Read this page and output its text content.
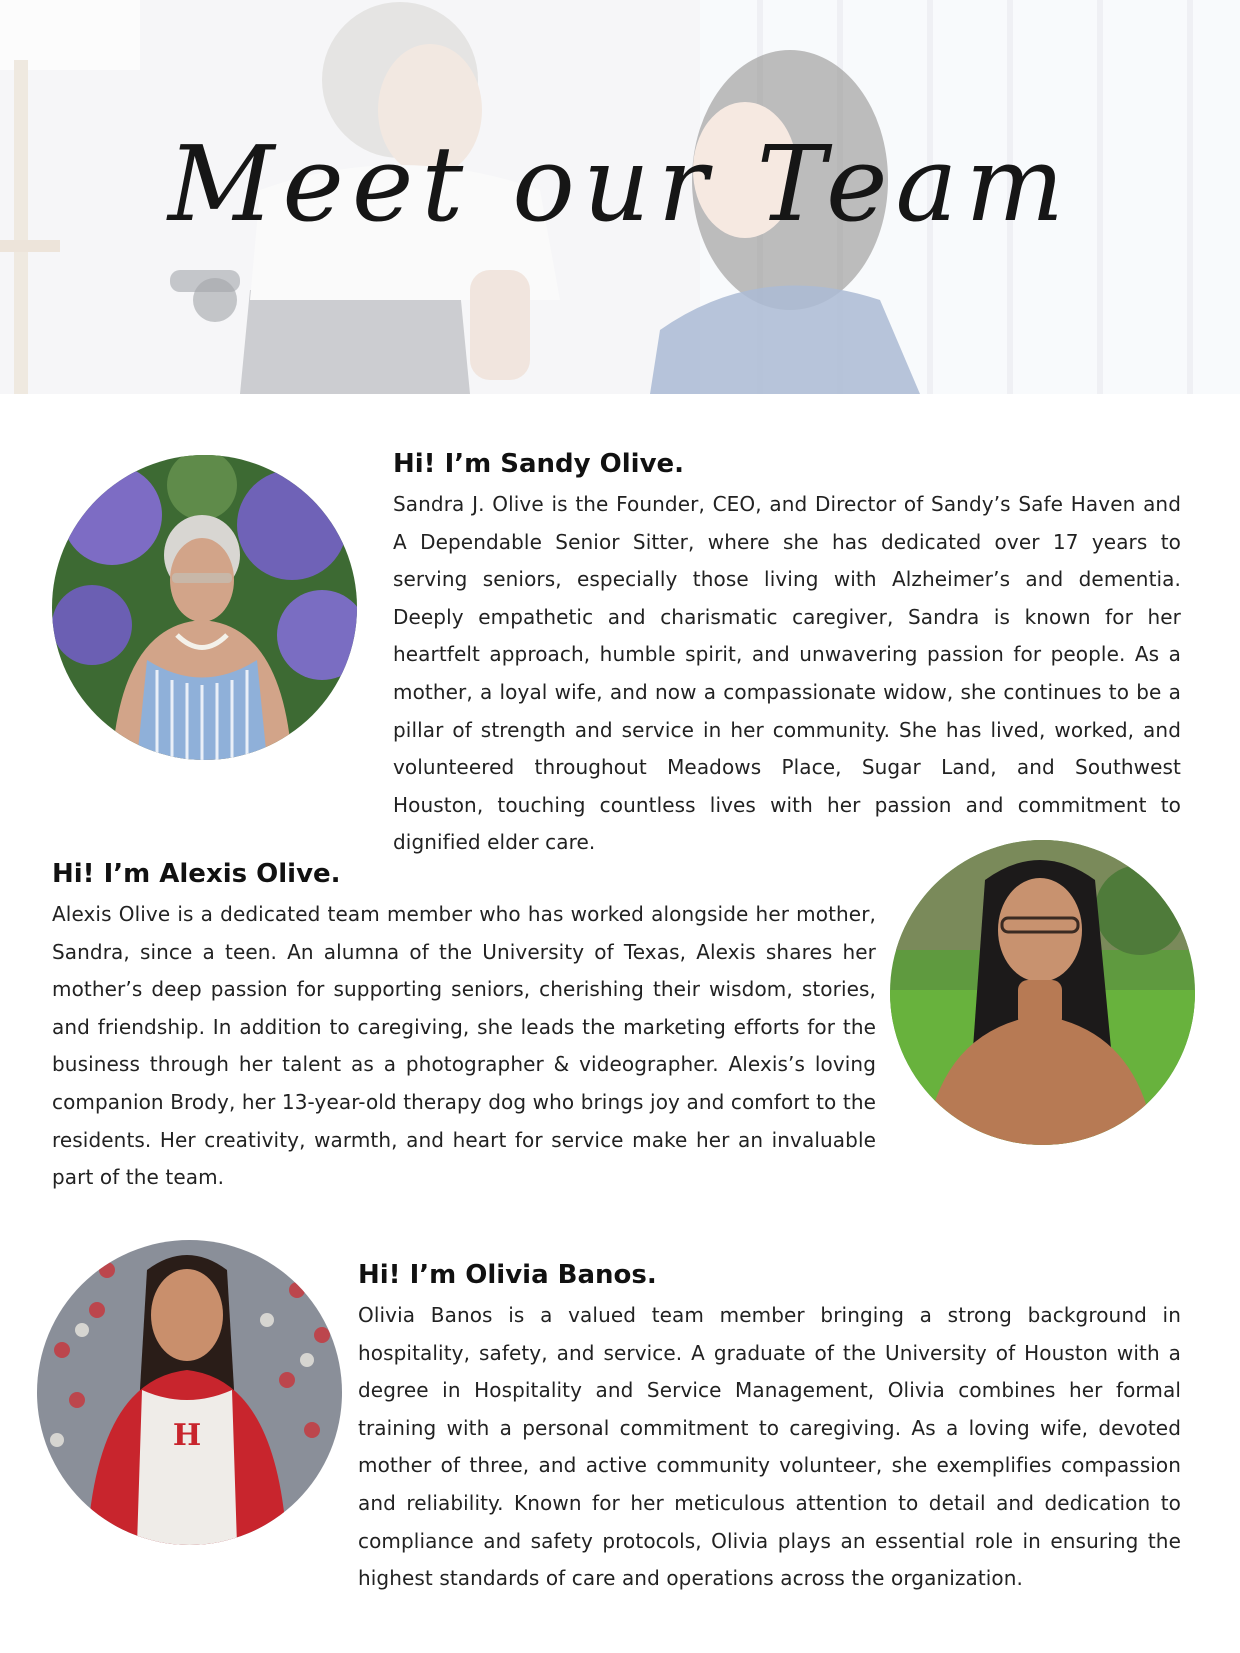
Meet our Team
Hi! I’m Sandy Olive.

Sandra J. Olive is the Founder, CEO, and Director of Sandy’s Safe Haven and A Dependable Senior Sitter, where she has dedicated over 17 years to serving seniors, especially those living with Alzheimer’s and dementia. Deeply empathetic and charismatic caregiver, Sandra is known for her heartfelt approach, humble spirit, and unwavering passion for people. As a mother, a loyal wife, and now a compassionate widow, she continues to be a pillar of strength and service in her community. She has lived, worked, and volunteered throughout Meadows Place, Sugar Land, and Southwest Houston, touching countless lives with her passion and commitment to dignified elder care.

Hi! I’m Alexis Olive.

Alexis Olive is a dedicated team member who has worked alongside her mother, Sandra, since a teen. An alumna of the University of Texas, Alexis shares her mother’s deep passion for supporting seniors, cherishing their wisdom, stories, and friendship. In addition to caregiving, she leads the marketing efforts for the business through her talent as a photographer & videographer. Alexis’s loving companion Brody, her 13-year-old therapy dog who brings joy and comfort to the residents. Her creativity, warmth, and heart for service make her an invaluable part of the team.

H
Hi! I’m Olivia Banos.

Olivia Banos is a valued team member bringing a strong background in hospitality, safety, and service. A graduate of the University of Houston with a degree in Hospitality and Service Management, Olivia combines her formal training with a personal commitment to caregiving. As a loving wife, devoted mother of three, and active community volunteer, she exemplifies compassion and reliability. Known for her meticulous attention to detail and dedication to compliance and safety protocols, Olivia plays an essential role in ensuring the highest standards of care and operations across the organization.
